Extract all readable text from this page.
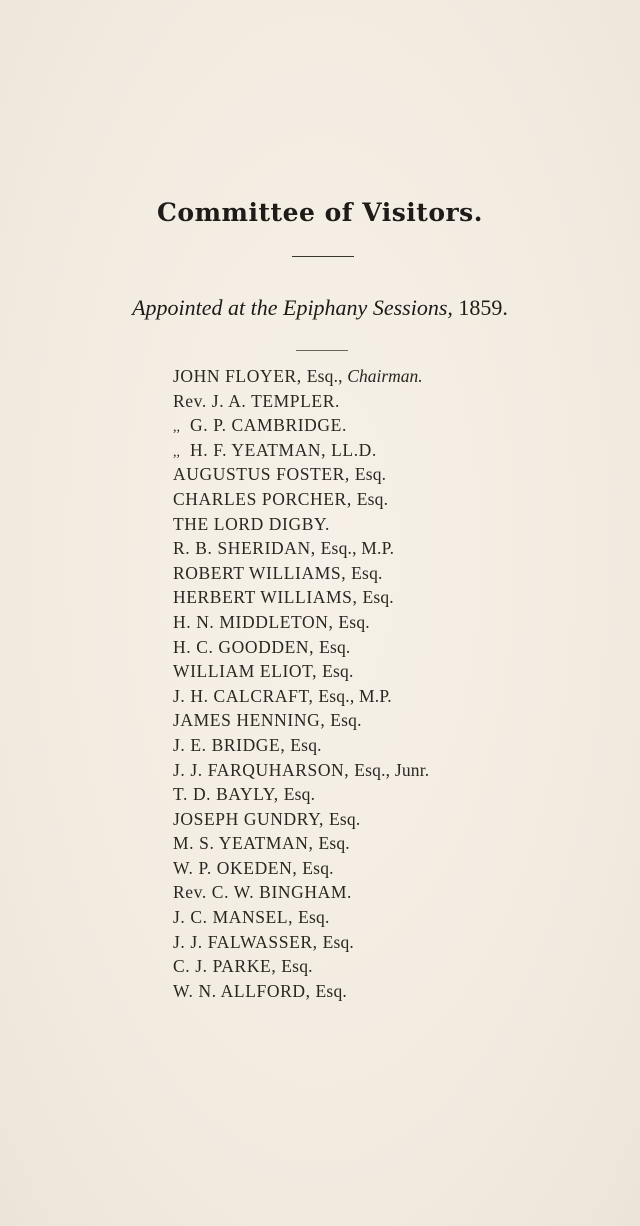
Committee of Visitors.
Appointed at the Epiphany Sessions, 1859.
JOHN FLOYER, Esq., Chairman.
Rev. J. A. TEMPLER.
,, G. P. CAMBRIDGE.
,, H. F. YEATMAN, LL.D.
AUGUSTUS FOSTER, Esq.
CHARLES PORCHER, Esq.
THE LORD DIGBY.
R. B. SHERIDAN, Esq., M.P.
ROBERT WILLIAMS, Esq.
HERBERT WILLIAMS, Esq.
H. N. MIDDLETON, Esq.
H. C. GOODDEN, Esq.
WILLIAM ELIOT, Esq.
J. H. CALCRAFT, Esq., M.P.
JAMES HENNING, Esq.
J. E. BRIDGE, Esq.
J. J. FARQUHARSON, Esq., Junr.
T. D. BAYLY, Esq.
JOSEPH GUNDRY, Esq.
M. S. YEATMAN, Esq.
W. P. OKEDEN, Esq.
Rev. C. W. BINGHAM.
J. C. MANSEL, Esq.
J. J. FALWASSER, Esq.
C. J. PARKE, Esq.
W. N. ALLFORD, Esq.
